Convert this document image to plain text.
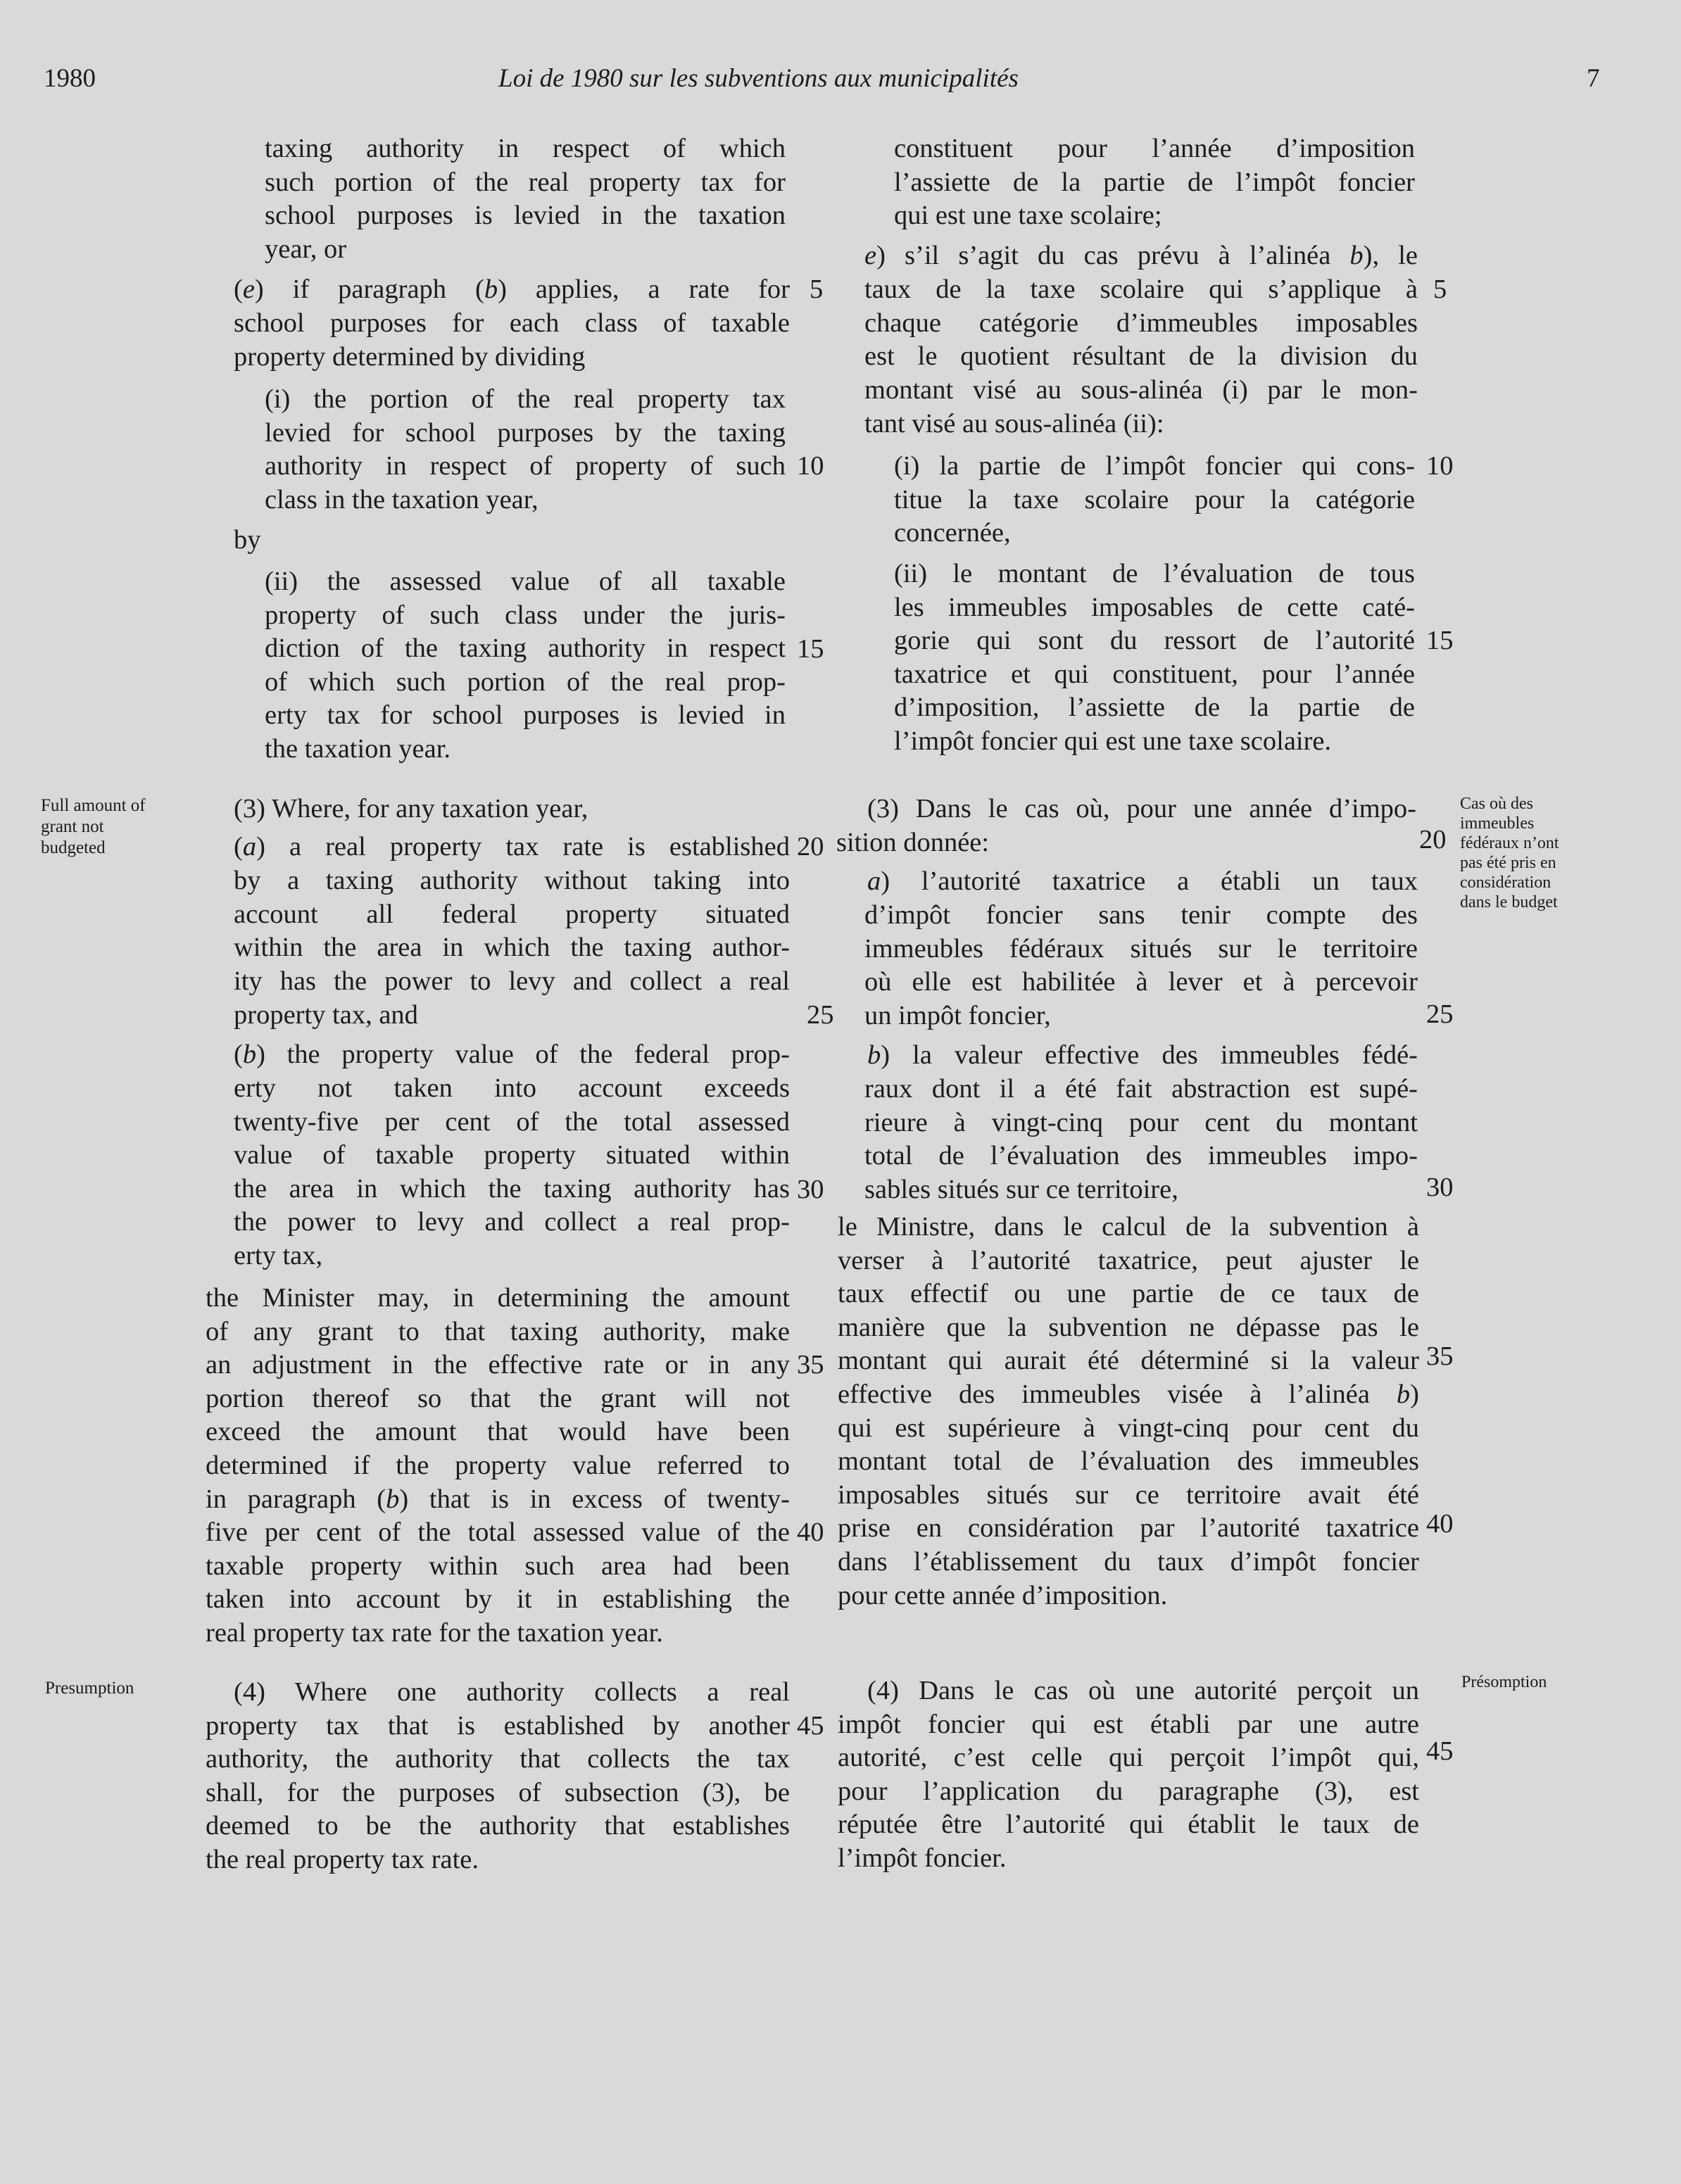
1980	Loi de 1980 sur les subventions aux municipalités	7
taxing authority in respect of which
such portion of the real property tax for
school purposes is levied in the taxation
year, or
(e) if paragraph (b) applies, a rate for
school purposes for each class of taxable
property determined by dividing
(i) the portion of the real property tax
levied for school purposes by the taxing
authority in respect of property of such
class in the taxation year,
by
(ii) the assessed value of all taxable
property of such class under the juris-
diction of the taxing authority in respect
of which such portion of the real prop-
erty tax for school purposes is levied in
the taxation year.
(3) Where, for any taxation year,
(a) a real property tax rate is established
by a taxing authority without taking into
account all federal property situated
within the area in which the taxing author-
ity has the power to levy and collect a real
property tax, and
(b) the property value of the federal prop-
erty not taken into account exceeds
twenty-five per cent of the total assessed
value of taxable property situated within
the area in which the taxing authority has
the power to levy and collect a real prop-
erty tax,
the Minister may, in determining the amount
of any grant to that taxing authority, make
an adjustment in the effective rate or in any
portion thereof so that the grant will not
exceed the amount that would have been
determined if the property value referred to
in paragraph (b) that is in excess of twenty-
five per cent of the total assessed value of the
taxable property within such area had been
taken into account by it in establishing the
real property tax rate for the taxation year.
(4) Where one authority collects a real
property tax that is established by another
authority, the authority that collects the tax
shall, for the purposes of subsection (3), be
deemed to be the authority that establishes
the real property tax rate.
constituent pour l’année d’imposition
l’assiette de la partie de l’impôt foncier
qui est une taxe scolaire;
e) s’il s’agit du cas prévu à l’alinéa b), le
taux de la taxe scolaire qui s’applique à
chaque catégorie d’immeubles imposables
est le quotient résultant de la division du
montant visé au sous-alinéa (i) par le mon-
tant visé au sous-alinéa (ii):
(i) la partie de l’impôt foncier qui cons-
titue la taxe scolaire pour la catégorie
concernée,
(ii) le montant de l’évaluation de tous
les immeubles imposables de cette caté-
gorie qui sont du ressort de l’autorité
taxatrice et qui constituent, pour l’année
d’imposition, l’assiette de la partie de
l’impôt foncier qui est une taxe scolaire.
(3) Dans le cas où, pour une année d’impo-
sition donnée:
a) l’autorité taxatrice a établi un taux
d’impôt foncier sans tenir compte des
immeubles fédéraux situés sur le territoire
où elle est habilitée à lever et à percevoir
un impôt foncier,
b) la valeur effective des immeubles fédé-
raux dont il a été fait abstraction est supé-
rieure à vingt-cinq pour cent du montant
total de l’évaluation des immeubles impo-
sables situés sur ce territoire,
le Ministre, dans le calcul de la subvention à
verser à l’autorité taxatrice, peut ajuster le
taux effectif ou une partie de ce taux de
manière que la subvention ne dépasse pas le
montant qui aurait été déterminé si la valeur
effective des immeubles visée à l’alinéa b)
qui est supérieure à vingt-cinq pour cent du
montant total de l’évaluation des immeubles
imposables situés sur ce territoire avait été
prise en considération par l’autorité taxatrice
dans l’établissement du taux d’impôt foncier
pour cette année d’imposition.
(4) Dans le cas où une autorité perçoit un
impôt foncier qui est établi par une autre
autorité, c’est celle qui perçoit l’impôt qui,
pour l’application du paragraphe (3), est
réputée être l’autorité qui établit le taux de
l’impôt foncier.
5
10
15
20
25
30
35
40
45
5
10
15
20
25
30
35
40
45
Full amount of
grant not
budgeted
Presumption
Cas où des
immeubles
fédéraux n’ont
pas été pris en
considération
dans le budget
Présomption
